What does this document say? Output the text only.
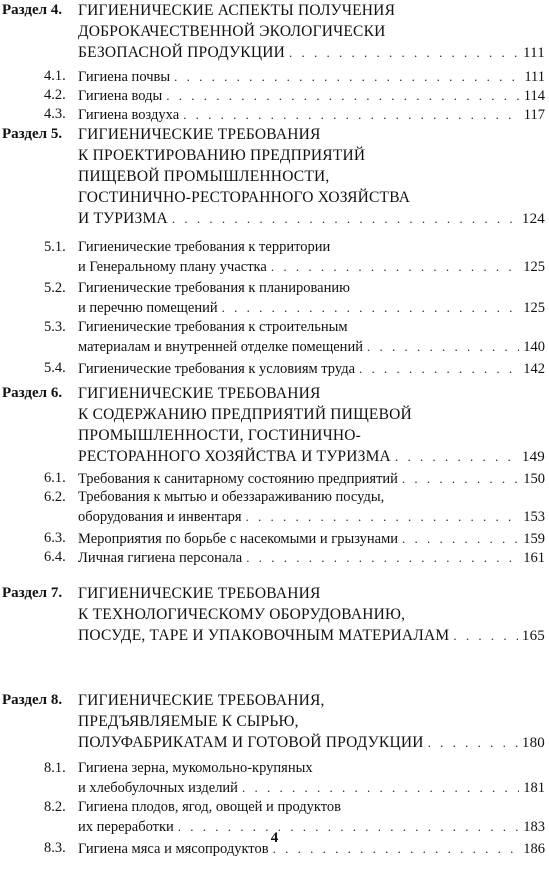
Раздел 4. ГИГИЕНИЧЕСКИЕ АСПЕКТЫ ПОЛУЧЕНИЯ
ДОБРОКАЧЕСТВЕННОЙ ЭКОЛОГИЧЕСКИ
БЕЗОПАСНОЙ ПРОДУКЦИИ . . .	111
4.1. Гигиена почвы . . .	111
4.2. Гигиена воды . . .	114
4.3. Гигиена воздуха . . .	117
Раздел 5. ГИГИЕНИЧЕСКИЕ ТРЕБОВАНИЯ
К ПРОЕКТИРОВАНИЮ ПРЕДПРИЯТИЙ
ПИЩЕВОЙ ПРОМЫШЛЕННОСТИ,
ГОСТИНИЧНО-РЕСТОРАННОГО ХОЗЯЙСТВА
И ТУРИЗМА . . .	124
5.1. Гигиенические требования к территории
и Генеральному плану участка . . .	125
5.2. Гигиенические требования к планированию
и перечню помещений . . .	125
5.3. Гигиенические требования к строительным
материалам и внутренней отделке помещений . . .	140
5.4. Гигиенические требования к условиям труда . . .	142
Раздел 6. ГИГИЕНИЧЕСКИЕ ТРЕБОВАНИЯ
К СОДЕРЖАНИЮ ПРЕДПРИЯТИЙ ПИЩЕВОЙ
ПРОМЫШЛЕННОСТИ, ГОСТИНИЧНО-
РЕСТОРАННОГО ХОЗЯЙСТВА И ТУРИЗМА . . .	149
6.1. Требования к санитарному состоянию предприятий . . .	150
6.2. Требования к мытью и обеззараживанию посуды,
оборудования и инвентаря . . .	153
6.3. Мероприятия по борьбе с насекомыми и грызунами . . .	159
6.4. Личная гигиена персонала . . .	161
Раздел 7. ГИГИЕНИЧЕСКИЕ ТРЕБОВАНИЯ
К ТЕХНОЛОГИЧЕСКОМУ ОБОРУДОВАНИЮ,
ПОСУДЕ, ТАРЕ И УПАКОВОЧНЫМ МАТЕРИАЛАМ . . .	165
Раздел 8. ГИГИЕНИЧЕСКИЕ ТРЕБОВАНИЯ,
ПРЕДЪЯВЛЯЕМЫЕ К СЫРЬЮ,
ПОЛУФАБРИКАТАМ И ГОТОВОЙ ПРОДУКЦИИ . . .	180
8.1. Гигиена зерна, мукомольно-крупяных
и хлебобулочных изделий . . .	181
8.2. Гигиена плодов, ягод, овощей и продуктов
их переработки . . .	183
8.3. Гигиена мяса и мясопродуктов . . .	186
4
